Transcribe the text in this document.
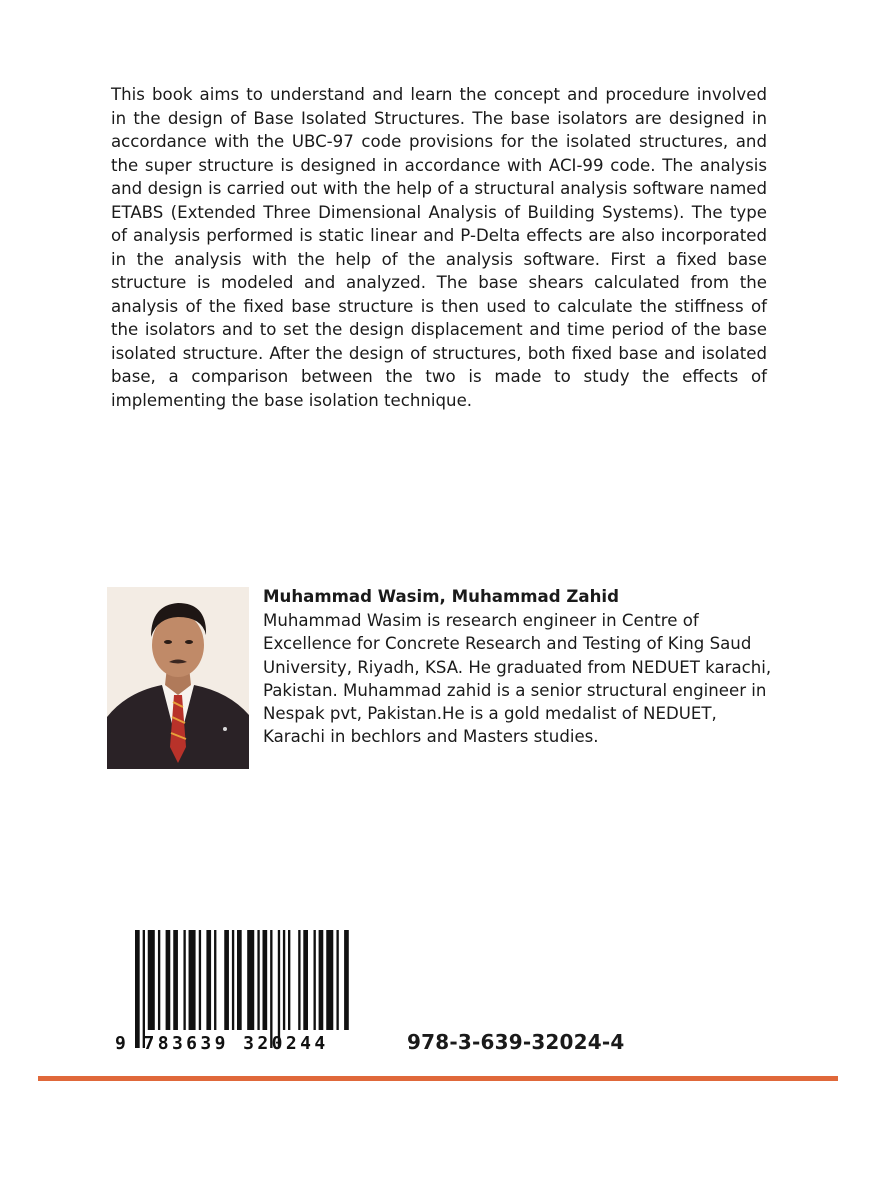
This book aims to understand and learn the concept and procedure involved in the design of Base Isolated Structures. The base isolators are designed in accordance with the UBC-97 code provisions for the isolated structures, and the super structure is designed in accordance with ACI-99 code. The analysis and design is carried out with the help of a structural analysis software named ETABS (Extended Three Dimensional Analysis of Building Systems). The type of analysis performed is static linear and P-Delta effects are also incorporated in the analysis with the help of the analysis software. First a fixed base structure is modeled and analyzed. The base shears calculated from the analysis of the fixed base structure is then used to calculate the stiffness of the isolators and to set the design displacement and time period of the base isolated structure. After the design of structures, both fixed base and isolated base, a comparison between the two is made to study the effects of implementing the base isolation technique.

Muhammad Wasim, Muhammad Zahid

Muhammad Wasim is research engineer in Centre of Excellence for Concrete Research and Testing of King Saud University, Riyadh, KSA. He graduated from NEDUET karachi, Pakistan. Muhammad zahid is a senior structural engineer in Nespak pvt, Pakistan.He is a gold medalist of NEDUET, Karachi in bechlors and Masters studies.

9 783639 320244	978-3-639-32024-4
